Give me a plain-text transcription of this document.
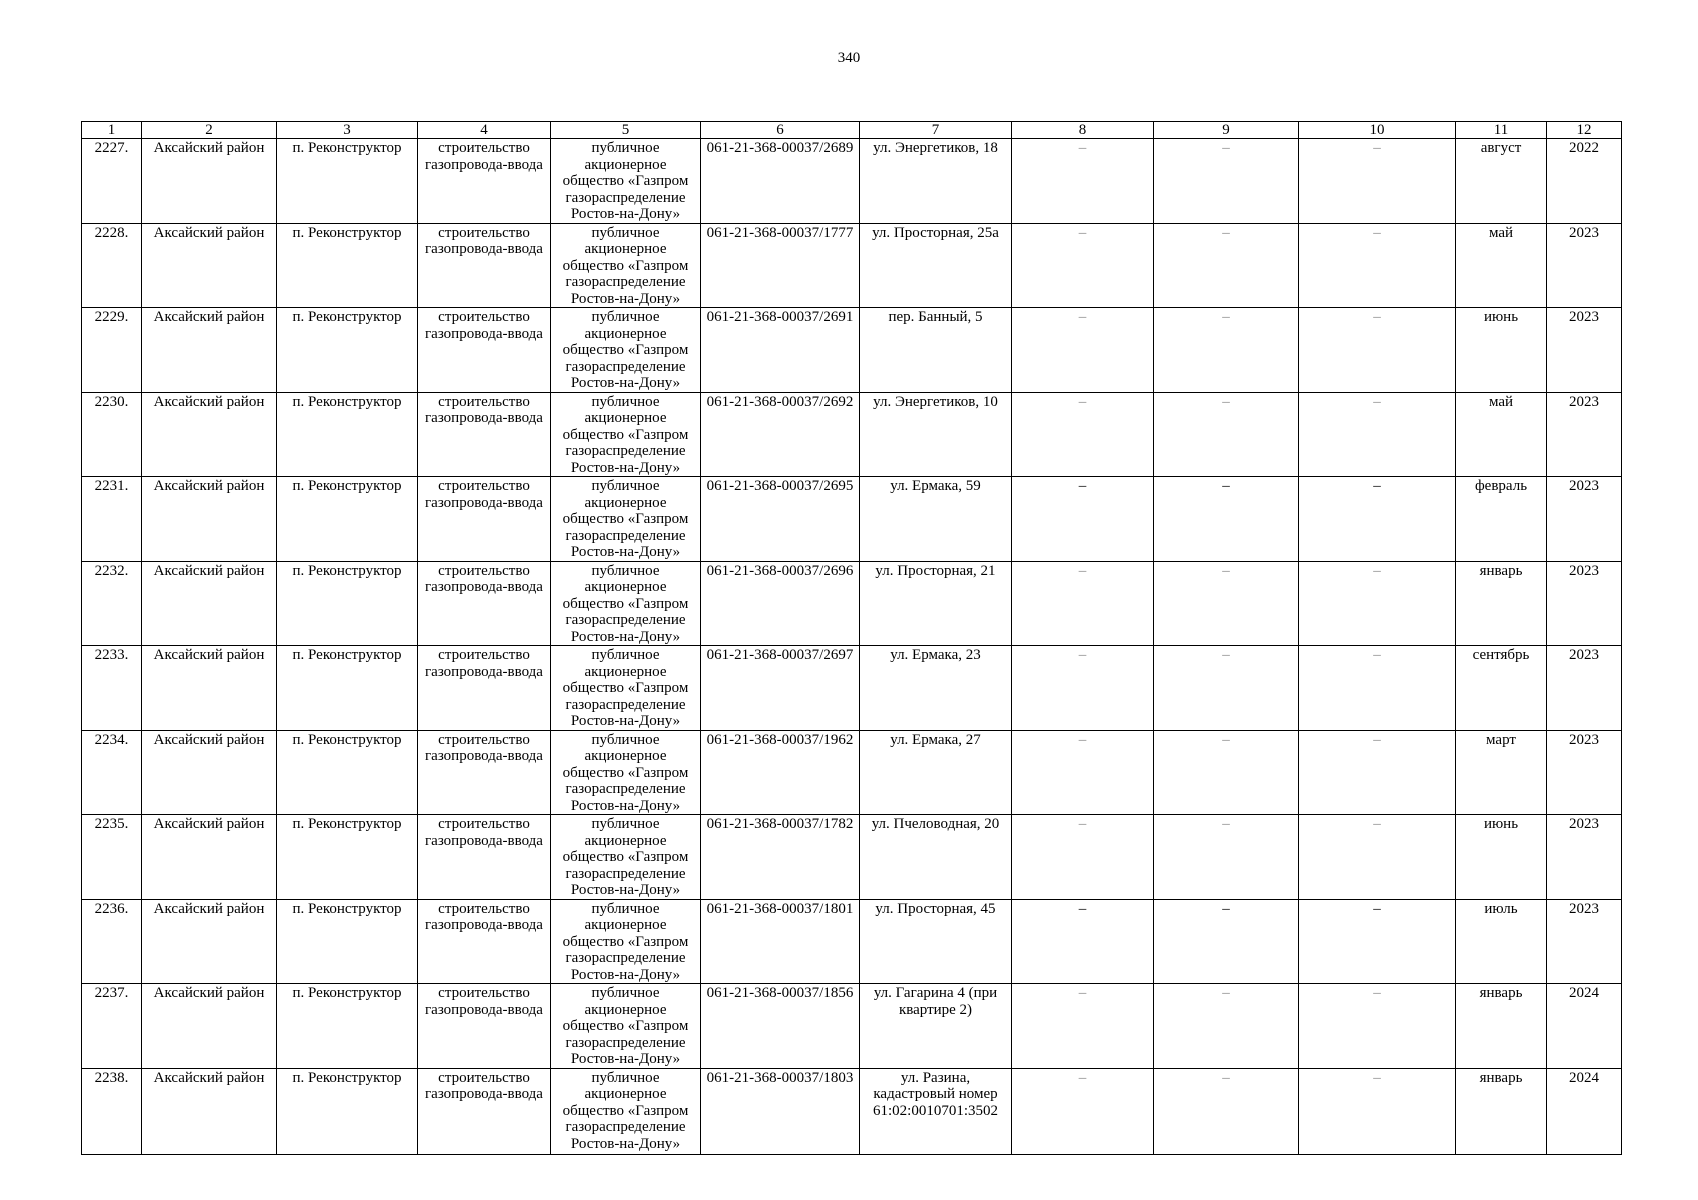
340
1	2	3	4	5	6	7	8	9	10	11	12
2227.	Аксайский район	п. Реконструктор	строительство газопровода-ввода	публичное акционерное общество «Газпром газораспределение Ростов-на-Дону»	061-21-368-00037/2689	ул. Энергетиков, 18	–	–	–	август	2022
2228.	Аксайский район	п. Реконструктор	строительство газопровода-ввода	публичное акционерное общество «Газпром газораспределение Ростов-на-Дону»	061-21-368-00037/1777	ул. Просторная, 25а	–	–	–	май	2023
2229.	Аксайский район	п. Реконструктор	строительство газопровода-ввода	публичное акционерное общество «Газпром газораспределение Ростов-на-Дону»	061-21-368-00037/2691	пер. Банный, 5	–	–	–	июнь	2023
2230.	Аксайский район	п. Реконструктор	строительство газопровода-ввода	публичное акционерное общество «Газпром газораспределение Ростов-на-Дону»	061-21-368-00037/2692	ул. Энергетиков, 10	–	–	–	май	2023
2231.	Аксайский район	п. Реконструктор	строительство газопровода-ввода	публичное акционерное общество «Газпром газораспределение Ростов-на-Дону»	061-21-368-00037/2695	ул. Ермака, 59	–	–	–	февраль	2023
2232.	Аксайский район	п. Реконструктор	строительство газопровода-ввода	публичное акционерное общество «Газпром газораспределение Ростов-на-Дону»	061-21-368-00037/2696	ул. Просторная, 21	–	–	–	январь	2023
2233.	Аксайский район	п. Реконструктор	строительство газопровода-ввода	публичное акционерное общество «Газпром газораспределение Ростов-на-Дону»	061-21-368-00037/2697	ул. Ермака, 23	–	–	–	сентябрь	2023
2234.	Аксайский район	п. Реконструктор	строительство газопровода-ввода	публичное акционерное общество «Газпром газораспределение Ростов-на-Дону»	061-21-368-00037/1962	ул. Ермака, 27	–	–	–	март	2023
2235.	Аксайский район	п. Реконструктор	строительство газопровода-ввода	публичное акционерное общество «Газпром газораспределение Ростов-на-Дону»	061-21-368-00037/1782	ул. Пчеловодная, 20	–	–	–	июнь	2023
2236.	Аксайский район	п. Реконструктор	строительство газопровода-ввода	публичное акционерное общество «Газпром газораспределение Ростов-на-Дону»	061-21-368-00037/1801	ул. Просторная, 45	–	–	–	июль	2023
2237.	Аксайский район	п. Реконструктор	строительство газопровода-ввода	публичное акционерное общество «Газпром газораспределение Ростов-на-Дону»	061-21-368-00037/1856	ул. Гагарина 4 (при квартире 2)	–	–	–	январь	2024
2238.	Аксайский район	п. Реконструктор	строительство газопровода-ввода	публичное акционерное общество «Газпром газораспределение Ростов-на-Дону»	061-21-368-00037/1803	ул. Разина, кадастровый номер 61:02:0010701:3502	–	–	–	январь	2024
